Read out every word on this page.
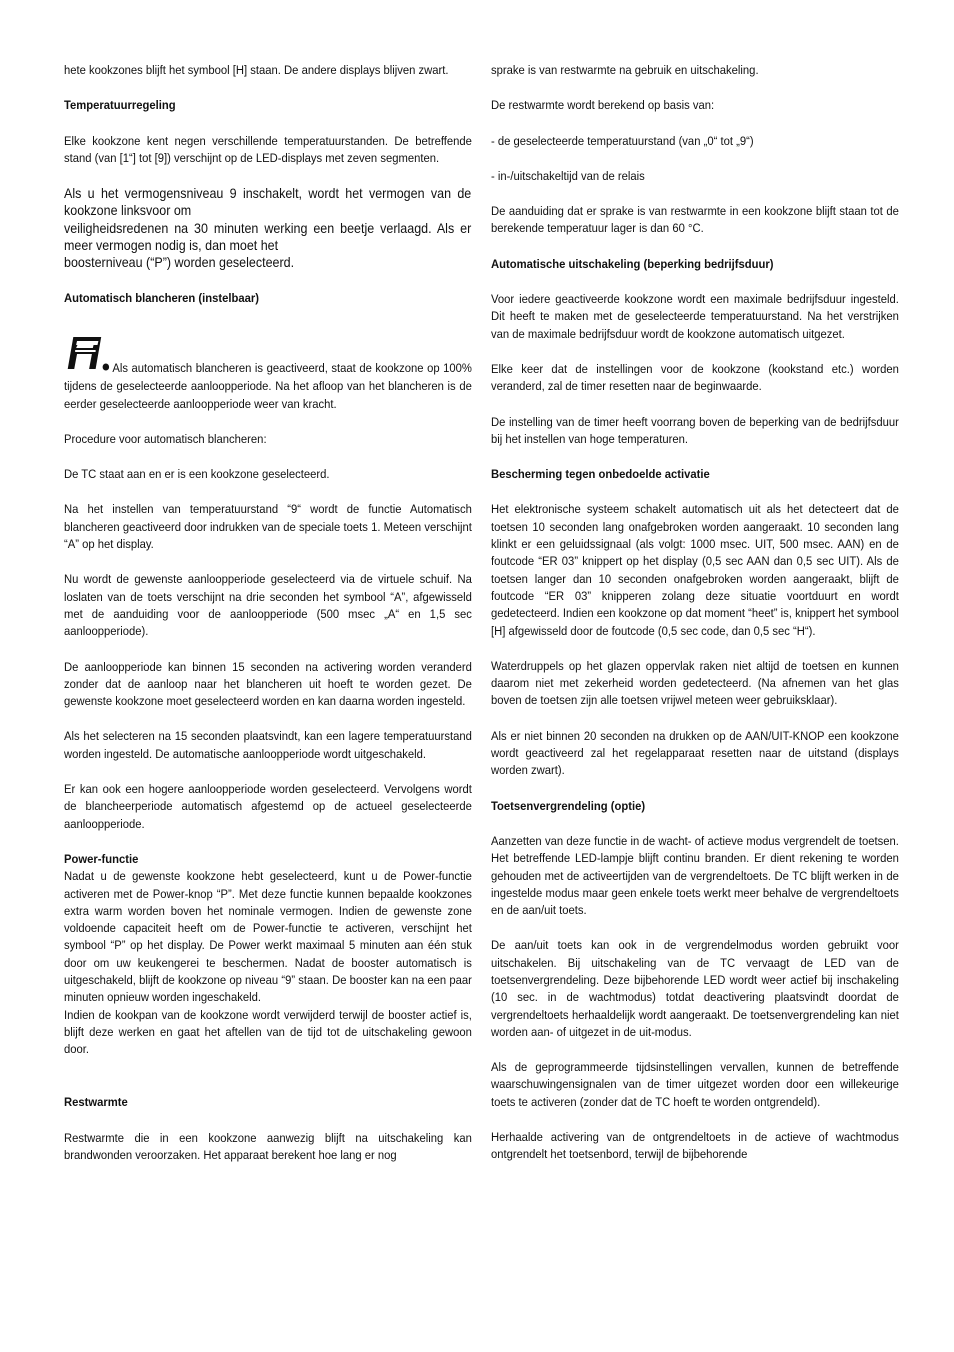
hete kookzones blijft het symbool [H] staan. De andere displays blijven zwart.

Temperatuurregeling

Elke kookzone kent negen verschillende temperatuurstanden. De betreffende stand (van [1“] tot [9]) verschijnt op de LED-displays met zeven segmenten.

Als u het vermogensniveau 9 inschakelt, wordt het vermogen van de kookzone linksvoor om

veiligheidsredenen na 30 minuten werking een beetje verlaagd. Als er meer vermogen nodig is, dan moet het

boosterniveau (“P”) worden geselecteerd.

Automatisch blancheren (instelbaar)

Als automatisch blancheren is geactiveerd, staat de kookzone op 100% tijdens de geselecteerde aanloopperiode. Na het afloop van het blancheren is de eerder geselecteerde aanloopperiode weer van kracht.

Procedure voor automatisch blancheren:

De TC staat aan en er is een kookzone geselecteerd.

Na het instellen van temperatuurstand “9“ wordt de functie Automatisch blancheren geactiveerd door indrukken van de speciale toets 1. Meteen verschijnt “A” op het display.

Nu wordt de gewenste aanloopperiode geselecteerd via de virtuele schuif. Na loslaten van de toets verschijnt na drie seconden het symbool “A”, afgewisseld met de aanduiding voor de aanloopperiode (500 msec „A“ en 1,5 sec aanloopperiode).

De aanloopperiode kan binnen 15 seconden na activering worden veranderd zonder dat de aanloop naar het blancheren uit hoeft te worden gezet. De gewenste kookzone moet geselecteerd worden en kan daarna worden ingesteld.

Als het selecteren na 15 seconden plaatsvindt, kan een lagere temperatuurstand worden ingesteld. De automatische aanloopperiode wordt uitgeschakeld.

Er kan ook een hogere aanloopperiode worden geselecteerd. Vervolgens wordt de blancheerperiode automatisch afgestemd op de actueel geselecteerde aanloopperiode.

Power-functie

Nadat u de gewenste kookzone hebt geselecteerd, kunt u de Power-functie activeren met de Power-knop “P”. Met deze functie kunnen bepaalde kookzones extra warm worden boven het nominale vermogen. Indien de gewenste zone voldoende capaciteit heeft om de Power-functie te activeren, verschijnt het symbool “P” op het display. De Power werkt maximaal 5 minuten aan één stuk door om uw keukengerei te beschermen. Nadat de booster automatisch is uitgeschakeld, blijft de kookzone op niveau “9” staan. De booster kan na een paar minuten opnieuw worden ingeschakeld.

Indien de kookpan van de kookzone wordt verwijderd terwijl de booster actief is, blijft deze werken en gaat het aftellen van de tijd tot de uitschakeling gewoon door.

Restwarmte

Restwarmte die in een kookzone aanwezig blijft na uitschakeling kan brandwonden veroorzaken. Het apparaat berekent hoe lang er nog

sprake is van restwarmte na gebruik en uitschakeling.

De restwarmte wordt berekend op basis van:

- de geselecteerde temperatuurstand (van „0“ tot „9“)

- in-/uitschakeltijd van de relais

De aanduiding dat er sprake is van restwarmte in een kookzone blijft staan tot de berekende temperatuur lager is dan 60 °C.

Automatische uitschakeling (beperking bedrijfsduur)

Voor iedere geactiveerde kookzone wordt een maximale bedrijfsduur ingesteld. Dit heeft te maken met de geselecteerde temperatuurstand. Na het verstrijken van de maximale bedrijfsduur wordt de kookzone automatisch uitgezet.

Elke keer dat de instellingen voor de kookzone (kookstand etc.) worden veranderd, zal de timer resetten naar de beginwaarde.

De instelling van de timer heeft voorrang boven de beperking van de bedrijfsduur bij het instellen van hoge temperaturen.

Bescherming tegen onbedoelde activatie

Het elektronische systeem schakelt automatisch uit als het detecteert dat de toetsen 10 seconden lang onafgebroken worden aangeraakt. 10 seconden lang klinkt er een geluidssignaal (als volgt: 1000 msec. UIT, 500 msec. AAN) en de foutcode “ER 03” knippert op het display (0,5 sec AAN dan 0,5 sec UIT). Als de toetsen langer dan 10 seconden onafgebroken worden aangeraakt, blijft de foutcode “ER 03” knipperen zolang deze situatie voortduurt en wordt gedetecteerd. Indien een kookzone op dat moment “heet” is, knippert het symbool [H] afgewisseld door de foutcode (0,5 sec code, dan 0,5 sec “H“).

Waterdruppels op het glazen oppervlak raken niet altijd de toetsen en kunnen daarom niet met zekerheid worden gedetecteerd. (Na afnemen van het glas boven de toetsen zijn alle toetsen vrijwel meteen weer gebruiksklaar).

Als er niet binnen 20 seconden na drukken op de AAN/UIT-KNOP een kookzone wordt geactiveerd zal het regelapparaat resetten naar de uitstand (displays worden zwart).

Toetsenvergrendeling (optie)

Aanzetten van deze functie in de wacht- of actieve modus vergrendelt de toetsen. Het betreffende LED-lampje blijft continu branden. Er dient rekening te worden gehouden met de activeertijden van de vergrendeltoets. De TC blijft werken in de ingestelde modus maar geen enkele toets werkt meer behalve de vergrendeltoets en de aan/uit toets.

De aan/uit toets kan ook in de vergrendelmodus worden gebruikt voor uitschakelen. Bij uitschakeling van de TC vervaagt de LED van de toetsenvergrendeling. Deze bijbehorende LED wordt weer actief bij inschakeling (10 sec. in de wachtmodus) totdat deactivering plaatsvindt doordat de vergrendeltoets herhaaldelijk wordt aangeraakt. De toetsenvergrendeling kan niet worden aan- of uitgezet in de uit-modus.

Als de geprogrammeerde tijdsinstellingen vervallen, kunnen de betreffende waarschuwingensignalen van de timer uitgezet worden door een willekeurige toets te activeren (zonder dat de TC hoeft te worden ontgrendeld).

Herhaalde activering van de ontgrendeltoets in de actieve of wachtmodus ontgrendelt het toetsenbord, terwijl de bijbehorende
